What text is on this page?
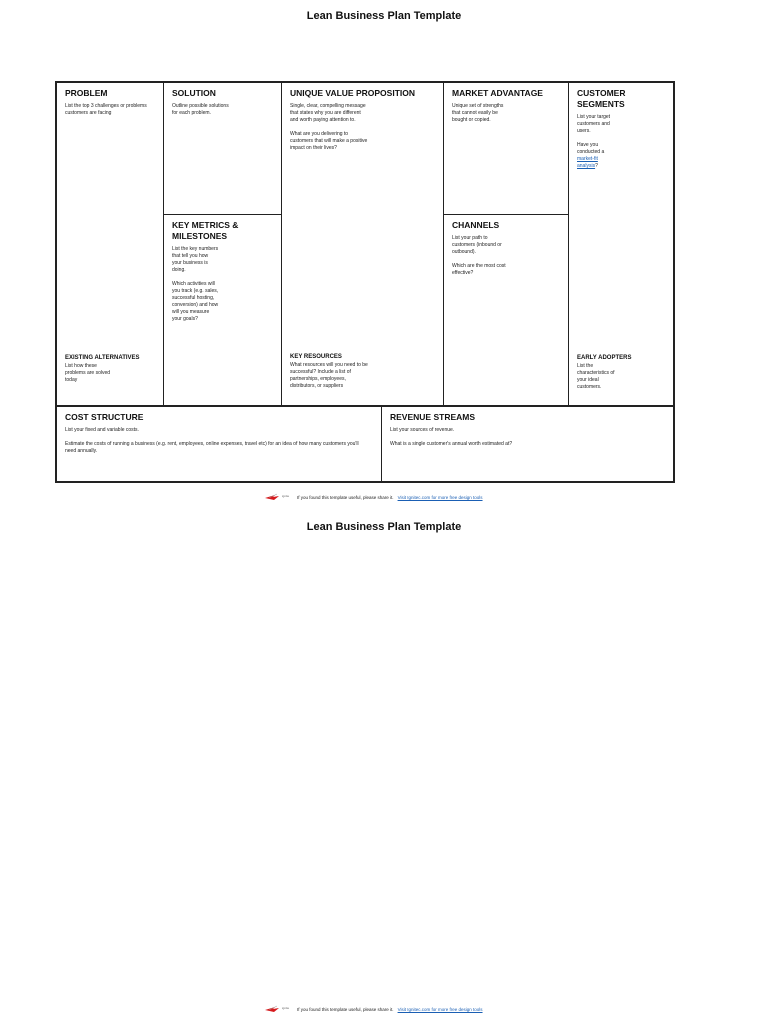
Lean Business Plan Template
PROBLEM
List the top 3 challenges or problems
customers are facing
EXISTING ALTERNATIVES
List how these
problems are solved
today
SOLUTION
Outline possible solutions
for each problem.
KEY METRICS &
MILESTONES
List the key numbers
that tell you how
your business is
doing.

Which activities will
you track (e.g. sales,
successful hosting,
conversion) and how
will you measure
your goals?
UNIQUE VALUE PROPOSITION
Single, clear, compelling message
that states why you are different
and worth paying attention to.

What are you delivering to
customers that will make a positive
impact on their lives?
KEY RESOURCES
What resources will you need to be
successful? Include a list of
partnerships, employees,
distributors, or suppliers
MARKET ADVANTAGE
Unique set of strengths
that cannot easily be
bought or copied.
CHANNELS
List your path to
customers (inbound or
outbound).

Which are the most cost
effective?
CUSTOMER SEGMENTS
List your target
customers and
users.

Have you
conducted a
market-fit
analysis?
EARLY ADOPTERS
List the
characteristics of
your ideal
customers.
COST STRUCTURE
List your fixed and variable costs.

Estimate the costs of running a business (e.g. rent, employees, online expenses, travel etc) for an idea of how many customers you'll
need annually.
REVENUE STREAMS
List your sources of revenue.

What is a single customer's annual worth estimated at?
ignite If you found this template useful, please share it. Visit Ignitec.com for more free design tools
Lean Business Plan Template
ignite If you found this template useful, please share it. Visit Ignitec.com for more free design tools
